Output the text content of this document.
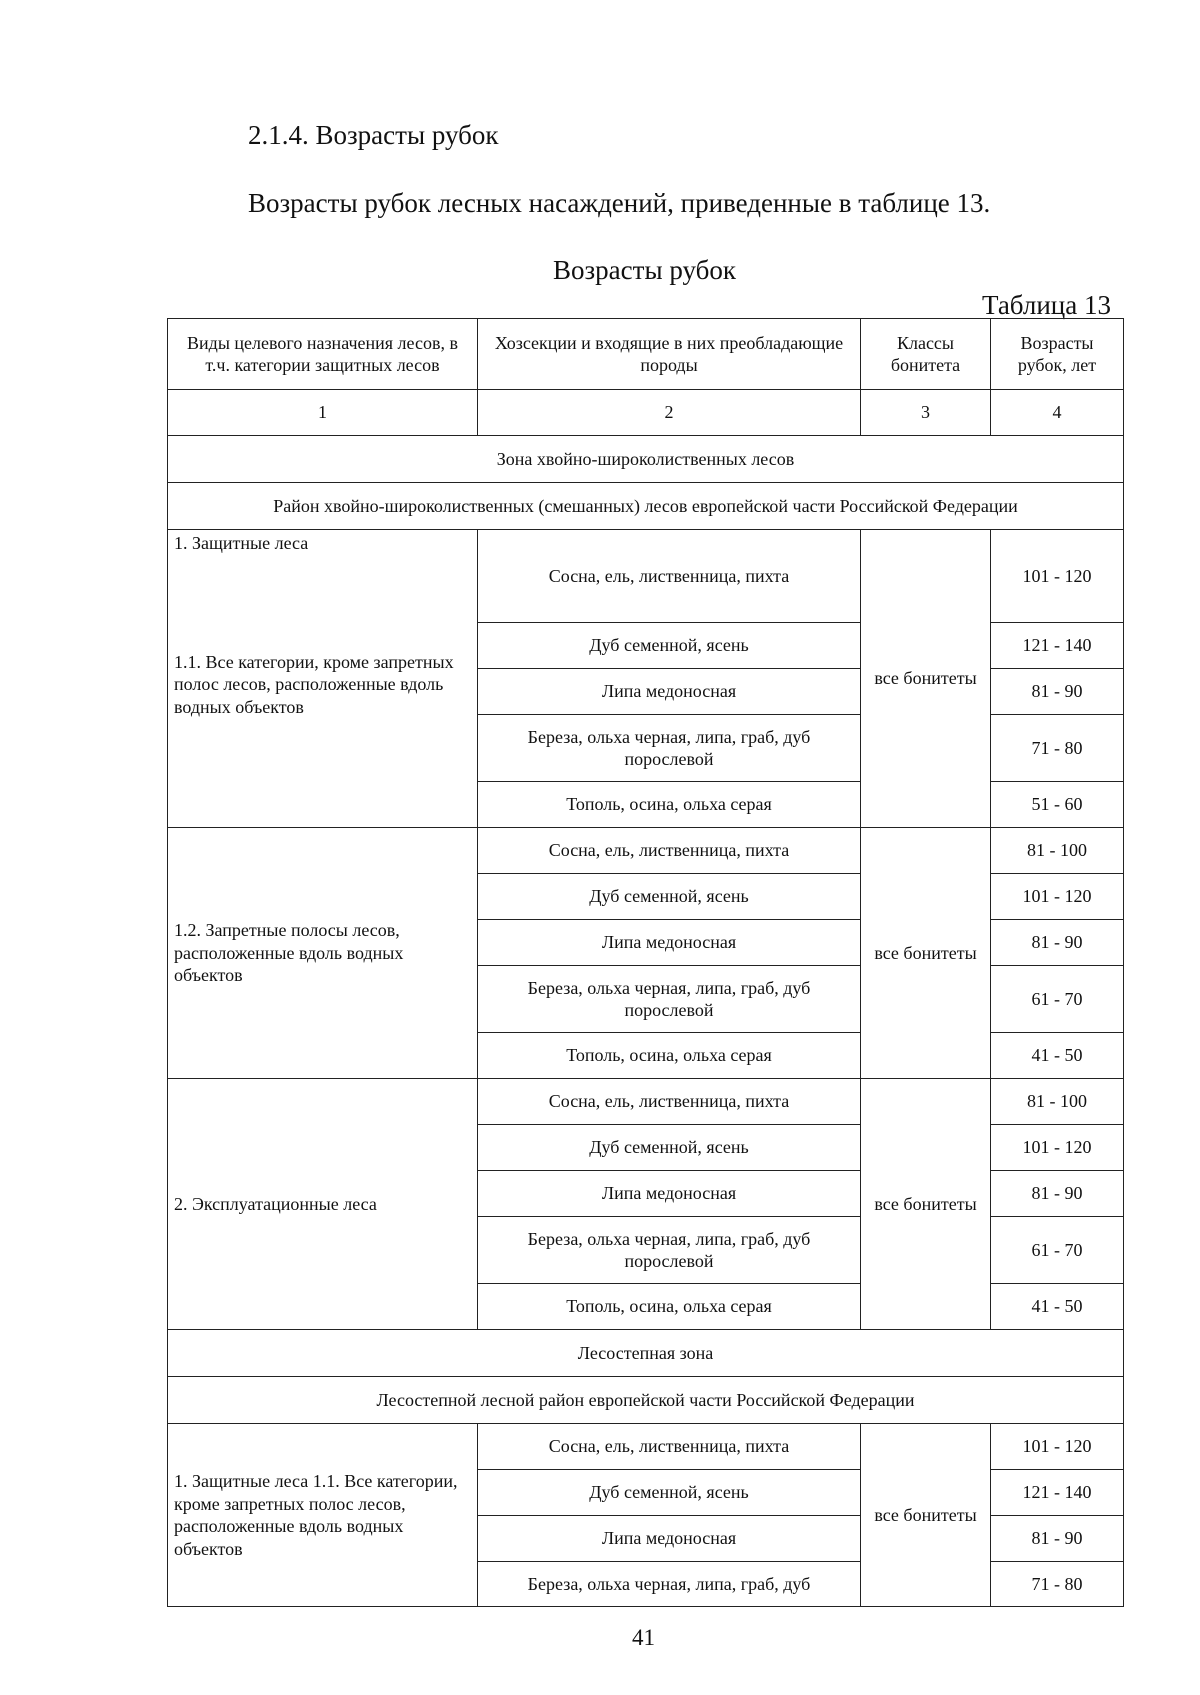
2.1.4. Возрасты рубок
Возрасты рубок лесных насаждений, приведенные в таблице 13.
Возрасты рубок
Таблица 13
Виды целевого назначения лесов, в т.ч. категории защитных лесов	Хозсекции и входящие в них преобладающие породы	Классы бонитета	Возрасты рубок, лет
1	2	3	4
Зона хвойно-широколиственных лесов			
Район хвойно-широколиственных (смешанных) лесов европейской части Российской Федерации			
1. Защитные леса
1.1. Все категории, кроме запретных полос лесов, расположенные вдоль водных объектов	Сосна, ель, лиственница, пихта	все бонитеты	101 - 120
	Дуб семенной, ясень		121 - 140
	Липа медоносная		81 - 90
	Береза, ольха черная, липа, граб, дуб порослевой		71 - 80
	Тополь, осина, ольха серая		51 - 60
1.2. Запретные полосы лесов, расположенные вдоль водных объектов	Сосна, ель, лиственница, пихта	все бонитеты	81 - 100
	Дуб семенной, ясень		101 - 120
	Липа медоносная		81 - 90
	Береза, ольха черная, липа, граб, дуб порослевой		61 - 70
	Тополь, осина, ольха серая		41 - 50
2. Эксплуатационные леса	Сосна, ель, лиственница, пихта	все бонитеты	81 - 100
	Дуб семенной, ясень		101 - 120
	Липа медоносная		81 - 90
	Береза, ольха черная, липа, граб, дуб порослевой		61 - 70
	Тополь, осина, ольха серая		41 - 50
Лесостепная зона			
Лесостепной лесной район европейской части Российской Федерации			
1. Защитные леса 1.1. Все категории, кроме запретных полос лесов, расположенные вдоль водных объектов	Сосна, ель, лиственница, пихта	все бонитеты	101 - 120
	Дуб семенной, ясень		121 - 140
	Липа медоносная		81 - 90
	Береза, ольха черная, липа, граб, дуб		71 - 80
41
